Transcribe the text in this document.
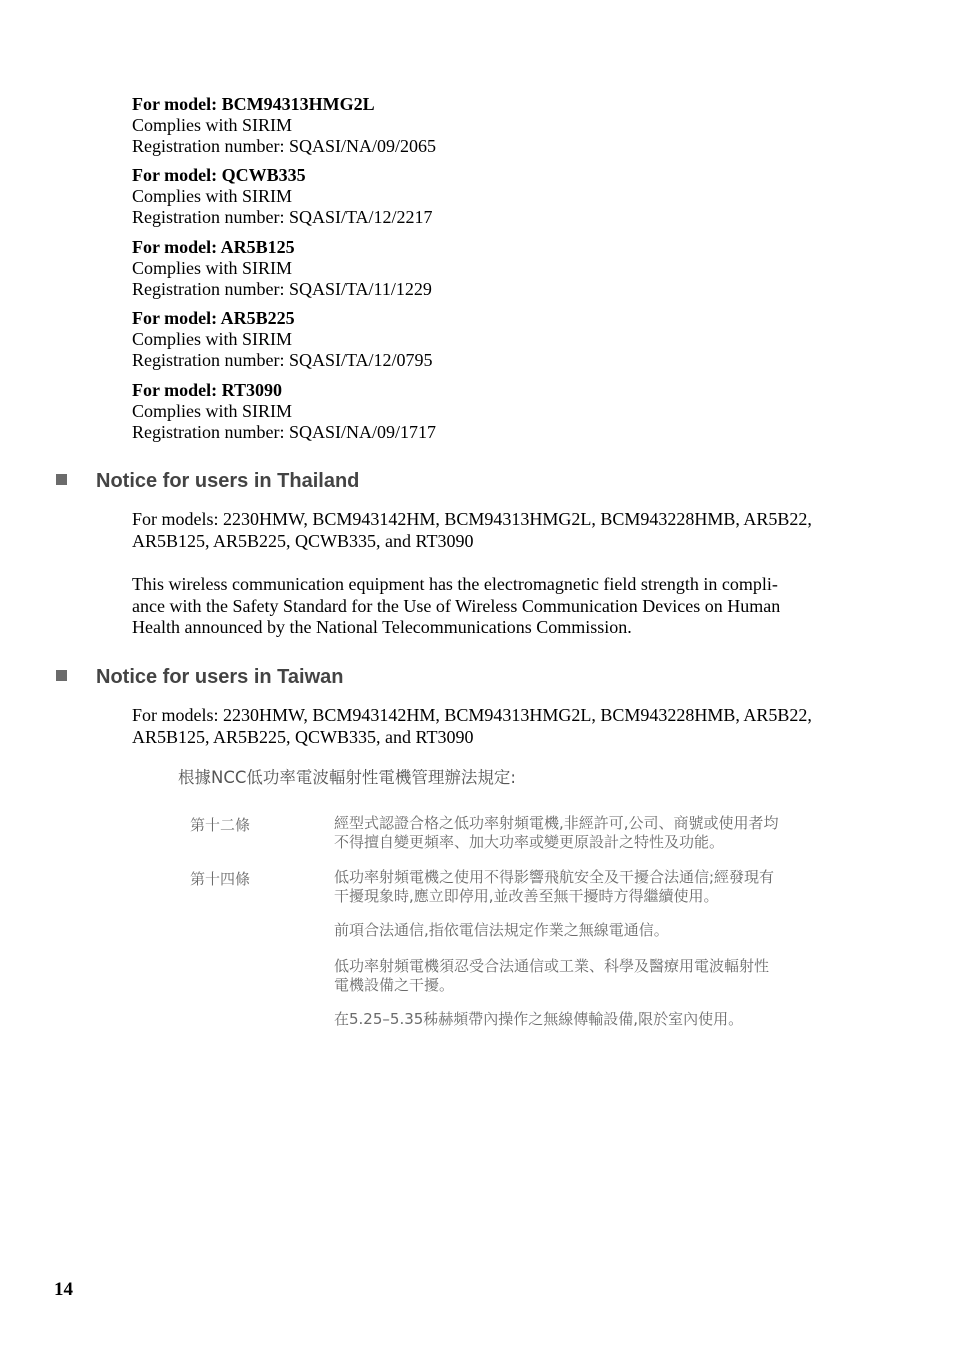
For model: BCM94313HMG2L
Complies with SIRIM
Registration number: SQASI/NA/09/2065
For model: QCWB335
Complies with SIRIM
Registration number: SQASI/TA/12/2217
For model: AR5B125
Complies with SIRIM
Registration number: SQASI/TA/11/1229
For model: AR5B225
Complies with SIRIM
Registration number: SQASI/TA/12/0795
For model: RT3090
Complies with SIRIM
Registration number: SQASI/NA/09/1717
Notice for users in Thailand
For models: 2230HMW, BCM943142HM, BCM94313HMG2L, BCM943228HMB, AR5B22,
AR5B125, AR5B225, QCWB335, and RT3090
This wireless communication equipment has the electromagnetic field strength in compli-
ance with the Safety Standard for the Use of Wireless Communication Devices on Human
Health announced by the National Telecommunications Commission.
Notice for users in Taiwan
For models: 2230HMW, BCM943142HM, BCM94313HMG2L, BCM943228HMB, AR5B22,
AR5B125, AR5B225, QCWB335, and RT3090
根據NCC低功率電波輻射性電機管理辦法規定:
第十二條	經型式認證合格之低功率射頻電機,非經許可,公司、商號或使用者均
不得擅自變更頻率、加大功率或變更原設計之特性及功能。
第十四條	低功率射頻電機之使用不得影響飛航安全及干擾合法通信;經發現有
干擾現象時,應立即停用,並改善至無干擾時方得繼續使用。
前項合法通信,指依電信法規定作業之無線電通信。
低功率射頻電機須忍受合法通信或工業、科學及醫療用電波輻射性
電機設備之干擾。
在5.25–5.35秭赫頻帶內操作之無線傳輸設備,限於室內使用。
14
